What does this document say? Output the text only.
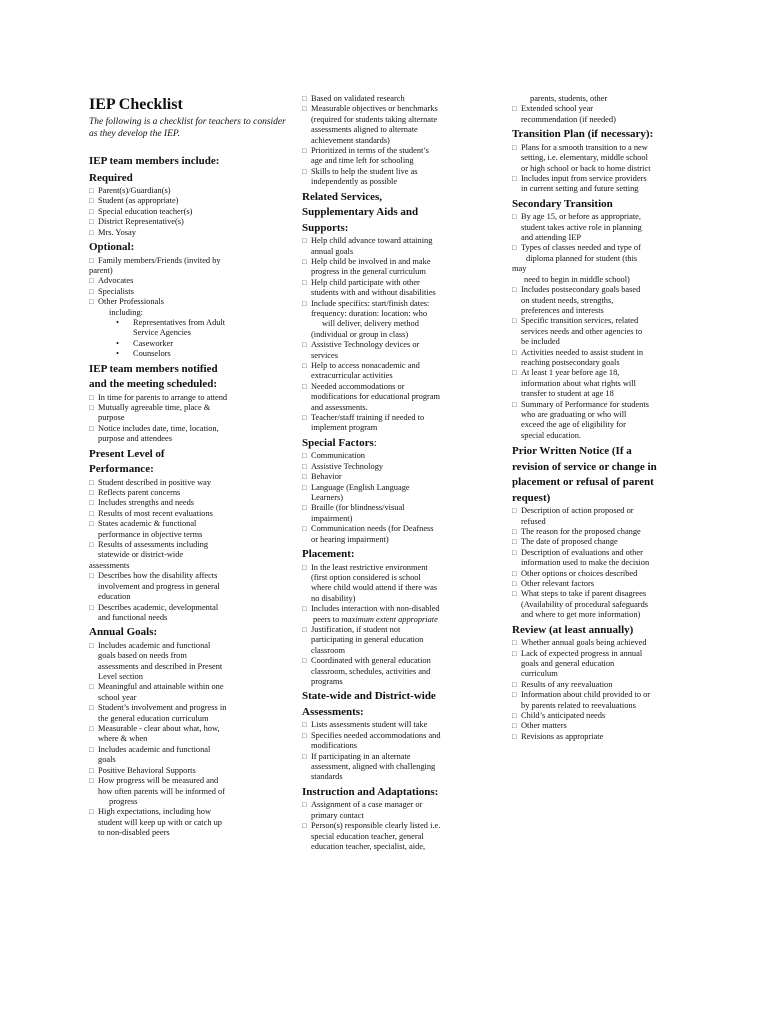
IEP Checklist
The following is a checklist for teachers to consider as they develop the IEP.
IEP team members include:
Required
□ Parent(s)/Guardian(s)
□ Student (as appropriate)
□ Special education teacher(s)
□ District Representative(s)
□ Mrs. Yosay
Optional:
□ Family members/Friends (invited by
parent)
□ Advocates
□ Specialists
□ Other Professionals
including:
• Representatives from Adult
Service Agencies
• Caseworker
• Counselors
IEP team members notified
and the meeting scheduled:
□ In time for parents to arrange to attend
□ Mutually agreeable time, place &
purpose
□ Notice includes date, time, location,
purpose and attendees
Present Level of
Performance:
□ Student described in positive way
□ Reflects parent concerns
□ Includes strengths and needs
□ Results of most recent evaluations
□ States academic & functional
performance in objective terms
□ Results of assessments including
statewide or district-wide
assessments
□ Describes how the disability affects
involvement and progress in general
education
□ Describes academic, developmental
and functional needs
Annual Goals:
□ Includes academic and functional
goals based on needs from
assessments and described in Present
Level section
□ Meaningful and attainable within one
school year
□ Student’s involvement and progress in
the general education curriculum
□ Measurable - clear about what, how,
where & when
□ Includes academic and functional
goals
□ Positive Behavioral Supports
□ How progress will be measured and
how often parents will be informed of
progress
□ High expectations, including how
student will keep up with or catch up
to non-disabled peers
□ Based on validated research
□ Measurable objectives or benchmarks
(required for students taking alternate
assessments aligned to alternate
achievement standards)
□ Prioritized in terms of the student’s
age and time left for schooling
□ Skills to help the student live as
independently as possible
Related Services,
Supplementary Aids and
Supports:
□ Help child advance toward attaining
annual goals
□ Help child be involved in and make
progress in the general curriculum
□ Help child participate with other
students with and without disabilities
□ Include specifics: start/finish dates:
frequency: duration: location: who
will deliver, delivery method
(individual or group in class)
□ Assistive Technology devices or
services
□ Help to access nonacademic and
extracurricular activities
□ Needed accommodations or
modifications for educational program
and assessments.
□ Teacher/staff training if needed to
implement program
Special Factors:
□ Communication
□ Assistive Technology
□ Behavior
□ Language (English Language
Learners)
□ Braille (for blindness/visual
impairment)
□ Communication needs (for Deafness
or hearing impairment)
Placement:
□ In the least restrictive environment
(first option considered is school
where child would attend if there was
no disability)
□ Includes interaction with non-disabled
peers to maximum extent appropriate
□ Justification, if student not
participating in general education
classroom
□ Coordinated with general education
classroom, schedules, activities and
programs
State-wide and District-wide
Assessments:
□ Lists assessments student will take
□ Specifies needed accommodations and
modifications
□ If participating in an alternate
assessment, aligned with challenging
standards
Instruction and Adaptations:
□ Assignment of a case manager or
primary contact
□ Person(s) responsible clearly listed i.e.
special education teacher, general
education teacher, specialist, aide,
parents, students, other
□ Extended school year
recommendation (if needed)
Transition Plan (if necessary):
□ Plans for a smooth transition to a new
setting, i.e. elementary, middle school
or high school or back to home district
□ Includes input from service providers
in current setting and future setting
Secondary Transition
□ By age 15, or before as appropriate,
student takes active role in planning
and attending IEP
□ Types of classes needed and type of
diploma planned for student (this
may
need to begin in middle school)
□ Includes postsecondary goals based
on student needs, strengths,
preferences and interests
□ Specific transition services, related
services needs and other agencies to
be included
□ Activities needed to assist student in
reaching postsecondary goals
□ At least 1 year before age 18,
information about what rights will
transfer to student at age 18
□ Summary of Performance for students
who are graduating or who will
exceed the age of eligibility for
special education.
Prior Written Notice (If a
revision of service or change in
placement or refusal of parent
request)
□ Description of action proposed or
refused
□ The reason for the proposed change
□ The date of proposed change
□ Description of evaluations and other
information used to make the decision
□ Other options or choices described
□ Other relevant factors
□ What steps to take if parent disagrees
(Availability of procedural safeguards
and where to get more information)
Review (at least annually)
□ Whether annual goals being achieved
□ Lack of expected progress in annual
goals and general education
curriculum
□ Results of any reevaluation
□ Information about child provided to or
by parents related to reevaluations
□ Child’s anticipated needs
□ Other matters
□ Revisions as appropriate
